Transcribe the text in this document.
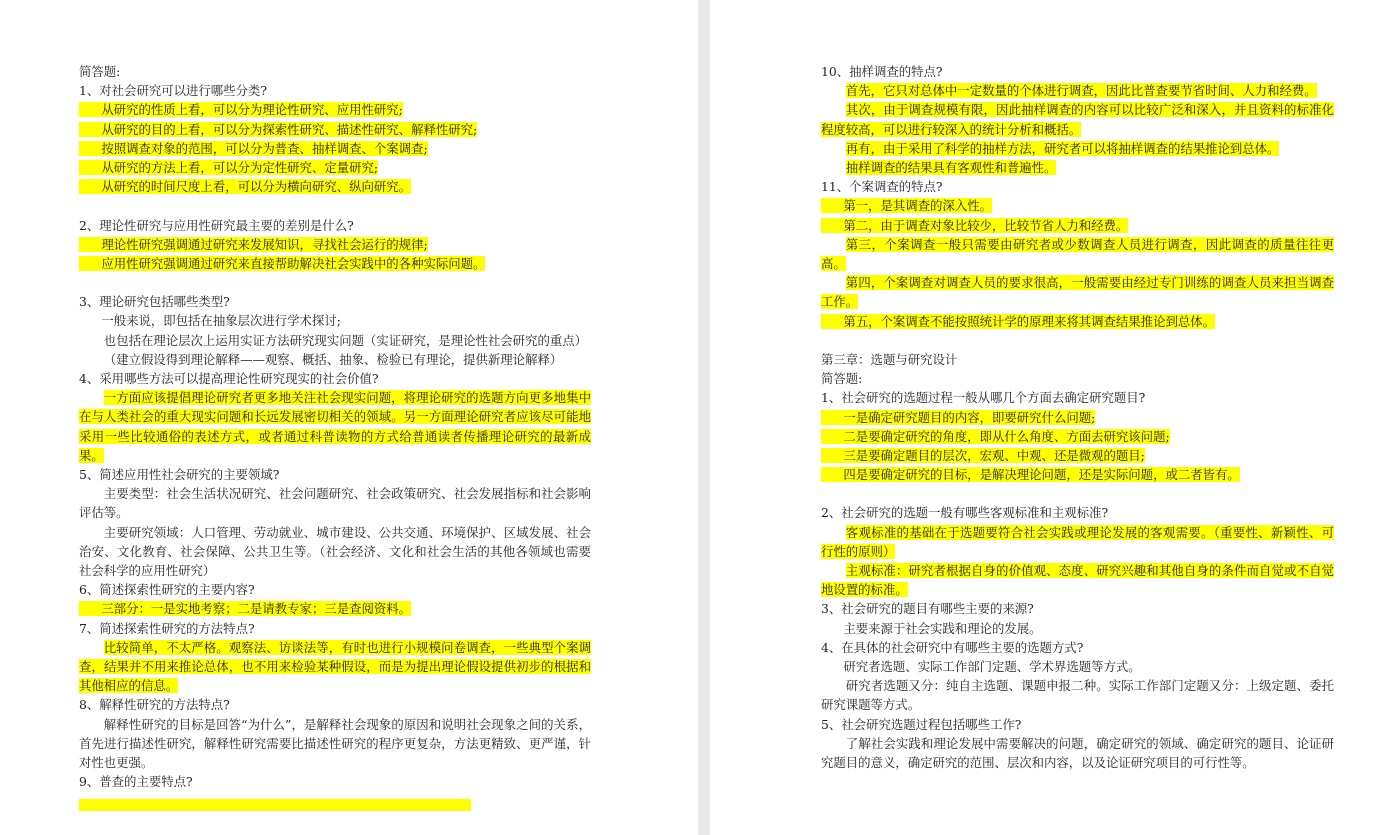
简答题:
1、对社会研究可以进行哪些分类?
从研究的性质上看，可以分为理论性研究、应用性研究;
从研究的目的上看，可以分为探索性研究、描述性研究、解释性研究;
按照调查对象的范围，可以分为普查、抽样调查、个案调查;
从研究的方法上看，可以分为定性研究、定量研究;
从研究的时间尺度上看，可以分为横向研究、纵向研究。
2、理论性研究与应用性研究最主要的差别是什么?
理论性研究强调通过研究来发展知识，寻找社会运行的规律;
应用性研究强调通过研究来直接帮助解决社会实践中的各种实际问题。
3、理论研究包括哪些类型?
一般来说，即包括在抽象层次进行学术探讨;
也包括在理论层次上运用实证方法研究现实问题（实证研究，是理论性社会研究的重点）
（建立假设得到理论解释——观察、概括、抽象、检验已有理论，提供新理论解释）
4、采用哪些方法可以提高理论性研究现实的社会价值?
一方面应该提倡理论研究者更多地关注社会现实问题，将理论研究的选题方向更多地集中在与人类社会的重大现实问题和长远发展密切相关的领域。另一方面理论研究者应该尽可能地采用一些比较通俗的表述方式，或者通过科普读物的方式给普通读者传播理论研究的最新成果。
5、简述应用性社会研究的主要领域?
主要类型：社会生活状况研究、社会问题研究、社会政策研究、社会发展指标和社会影响评估等。
主要研究领域：人口管理、劳动就业、城市建设、公共交通、环境保护、区域发展、社会治安、文化教育、社会保障、公共卫生等。（社会经济、文化和社会生活的其他各领域也需要社会科学的应用性研究）
6、简述探索性研究的主要内容?
三部分：一是实地考察；二是请教专家；三是查阅资料。
7、简述探索性研究的方法特点?
比较简单，不太严格。观察法、访谈法等，有时也进行小规模问卷调查，一些典型个案调查，结果并不用来推论总体，也不用来检验某种假设，而是为提出理论假设提供初步的根据和其他相应的信息。
8、解释性研究的方法特点?
解释性研究的目标是回答“为什么”，是解释社会现象的原因和说明社会现象之间的关系，首先进行描述性研究，解释性研究需要比描述性研究的程序更复杂，方法更精致、更严谨，针对性也更强。
9、普查的主要特点?
10、抽样调查的特点?
首先，它只对总体中一定数量的个体进行调查，因此比普查要节省时间、人力和经费。
其次，由于调查规模有限，因此抽样调查的内容可以比较广泛和深入，并且资料的标准化程度较高，可以进行较深入的统计分析和概括。
再有，由于采用了科学的抽样方法，研究者可以将抽样调查的结果推论到总体。
抽样调查的结果具有客观性和普遍性。
11、个案调查的特点?
第一，是其调查的深入性。
第二，由于调查对象比较少，比较节省人力和经费。
第三，个案调查一般只需要由研究者或少数调查人员进行调查，因此调查的质量往往更高。
第四，个案调查对调查人员的要求很高，一般需要由经过专门训练的调查人员来担当调查工作。
第五，个案调查不能按照统计学的原理来将其调查结果推论到总体。
第三章：选题与研究设计
简答题:
1、社会研究的选题过程一般从哪几个方面去确定研究题目?
一是确定研究题目的内容，即要研究什么问题;
二是要确定研究的角度，即从什么角度、方面去研究该问题;
三是要确定题目的层次，宏观、中观、还是微观的题目;
四是要确定研究的目标，是解决理论问题，还是实际问题，或二者皆有。
2、社会研究的选题一般有哪些客观标准和主观标准?
客观标准的基础在于选题要符合社会实践或理论发展的客观需要。（重要性、新颖性、可行性的原则）
主观标准：研究者根据自身的价值观、态度、研究兴趣和其他自身的条件而自觉或不自觉地设置的标准。
3、社会研究的题目有哪些主要的来源?
主要来源于社会实践和理论的发展。
4、在具体的社会研究中有哪些主要的选题方式?
研究者选题、实际工作部门定题、学术界选题等方式。
研究者选题又分：纯自主选题、课题申报二种。实际工作部门定题又分：上级定题、委托研究课题等方式。
5、社会研究选题过程包括哪些工作?
了解社会实践和理论发展中需要解决的问题，确定研究的领域、确定研究的题目、论证研究题目的意义，确定研究的范围、层次和内容，以及论证研究项目的可行性等。
